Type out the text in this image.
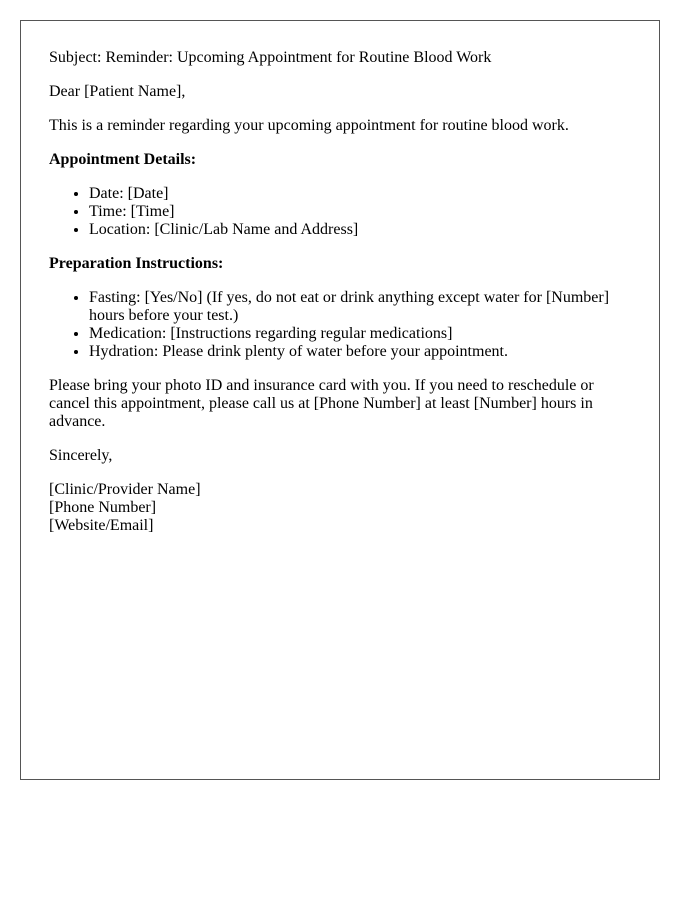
Subject: Reminder: Upcoming Appointment for Routine Blood Work

Dear [Patient Name],

This is a reminder regarding your upcoming appointment for routine blood work.

Appointment Details:

• Date: [Date]
• Time: [Time]
• Location: [Clinic/Lab Name and Address]

Preparation Instructions:

• Fasting: [Yes/No] (If yes, do not eat or drink anything except water for [Number] hours before your test.)
• Medication: [Instructions regarding regular medications]
• Hydration: Please drink plenty of water before your appointment.

Please bring your photo ID and insurance card with you. If you need to reschedule or cancel this appointment, please call us at [Phone Number] at least [Number] hours in advance.

Sincerely,

[Clinic/Provider Name]
[Phone Number]
[Website/Email]
